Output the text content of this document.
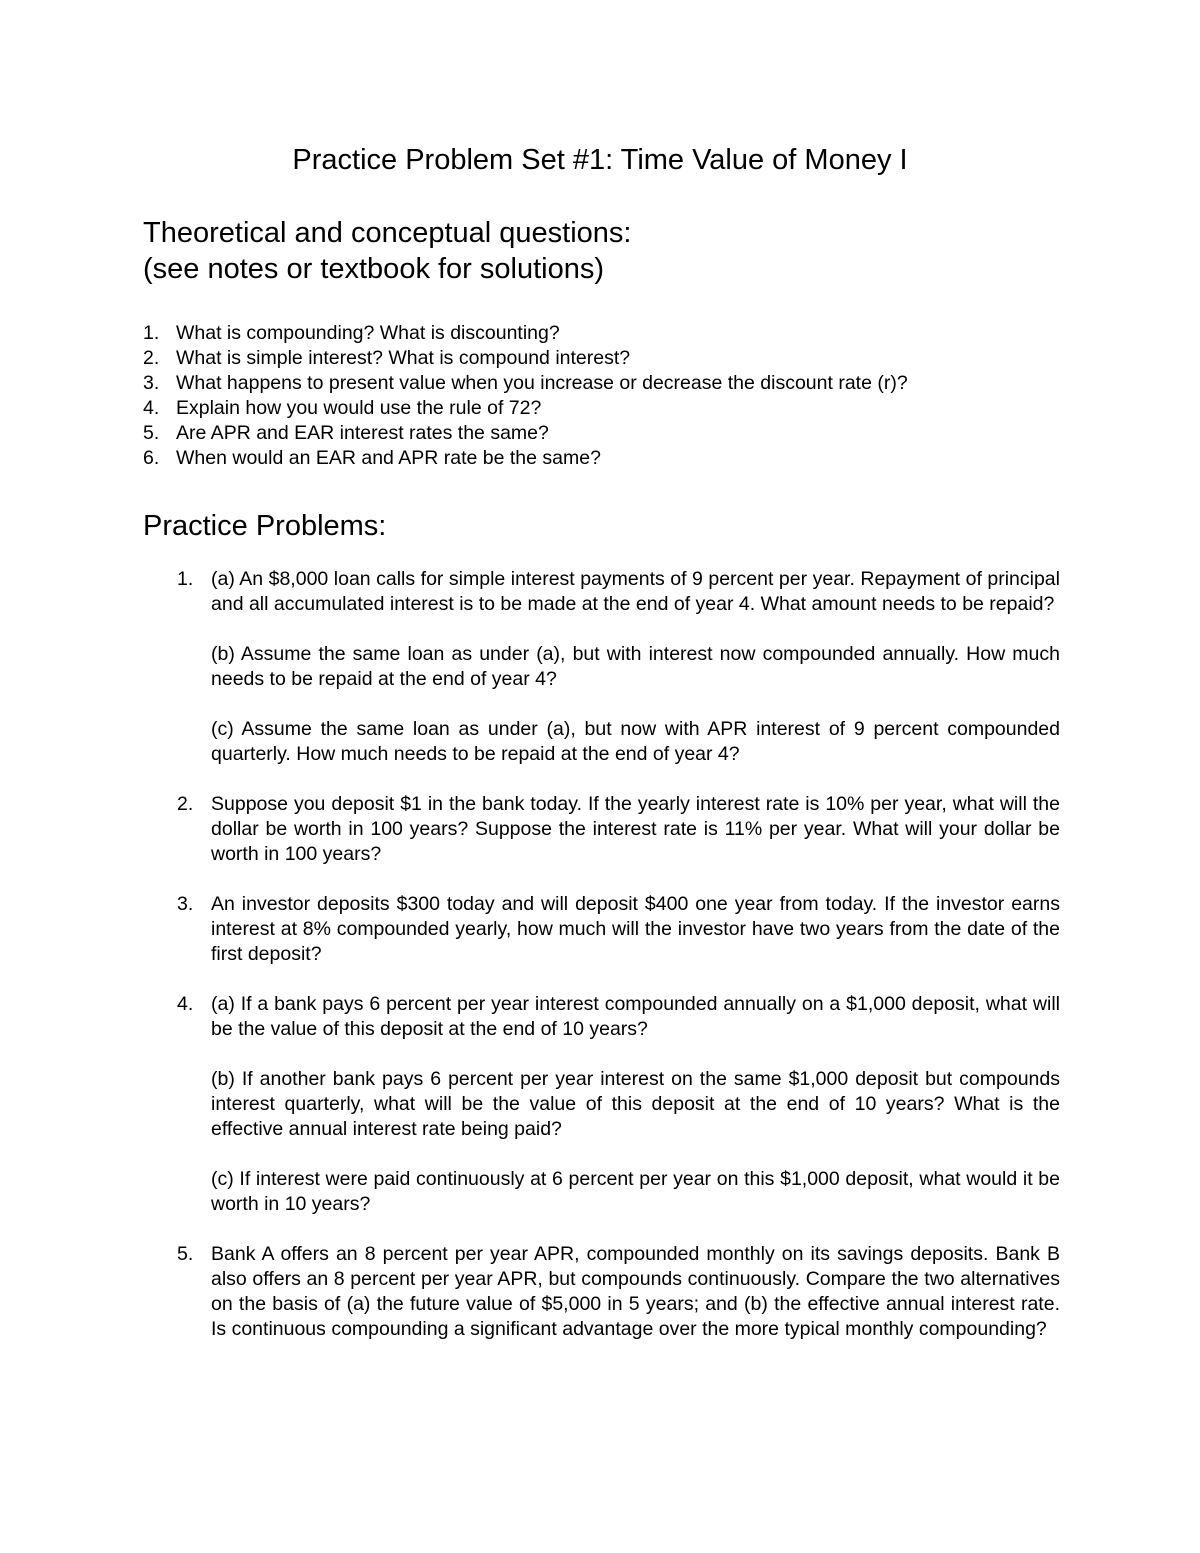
Practice Problem Set #1: Time Value of Money I
Theoretical and conceptual questions:
(see notes or textbook for solutions)
1. What is compounding? What is discounting?
2. What is simple interest? What is compound interest?
3. What happens to present value when you increase or decrease the discount rate (r)?
4. Explain how you would use the rule of 72?
5. Are APR and EAR interest rates the same?
6. When would an EAR and APR rate be the same?
Practice Problems:
1. (a) An $8,000 loan calls for simple interest payments of 9 percent per year. Repayment of principal and all accumulated interest is to be made at the end of year 4. What amount needs to be repaid?

(b) Assume the same loan as under (a), but with interest now compounded annually. How much needs to be repaid at the end of year 4?

(c) Assume the same loan as under (a), but now with APR interest of 9 percent compounded quarterly. How much needs to be repaid at the end of year 4?

2. Suppose you deposit $1 in the bank today. If the yearly interest rate is 10% per year, what will the dollar be worth in 100 years? Suppose the interest rate is 11% per year. What will your dollar be worth in 100 years?

3. An investor deposits $300 today and will deposit $400 one year from today. If the investor earns interest at 8% compounded yearly, how much will the investor have two years from the date of the first deposit?

4. (a) If a bank pays 6 percent per year interest compounded annually on a $1,000 deposit, what will be the value of this deposit at the end of 10 years?

(b) If another bank pays 6 percent per year interest on the same $1,000 deposit but compounds interest quarterly, what will be the value of this deposit at the end of 10 years? What is the effective annual interest rate being paid?

(c) If interest were paid continuously at 6 percent per year on this $1,000 deposit, what would it be worth in 10 years?

5. Bank A offers an 8 percent per year APR, compounded monthly on its savings deposits. Bank B also offers an 8 percent per year APR, but compounds continuously. Compare the two alternatives on the basis of (a) the future value of $5,000 in 5 years; and (b) the effective annual interest rate. Is continuous compounding a significant advantage over the more typical monthly compounding?
